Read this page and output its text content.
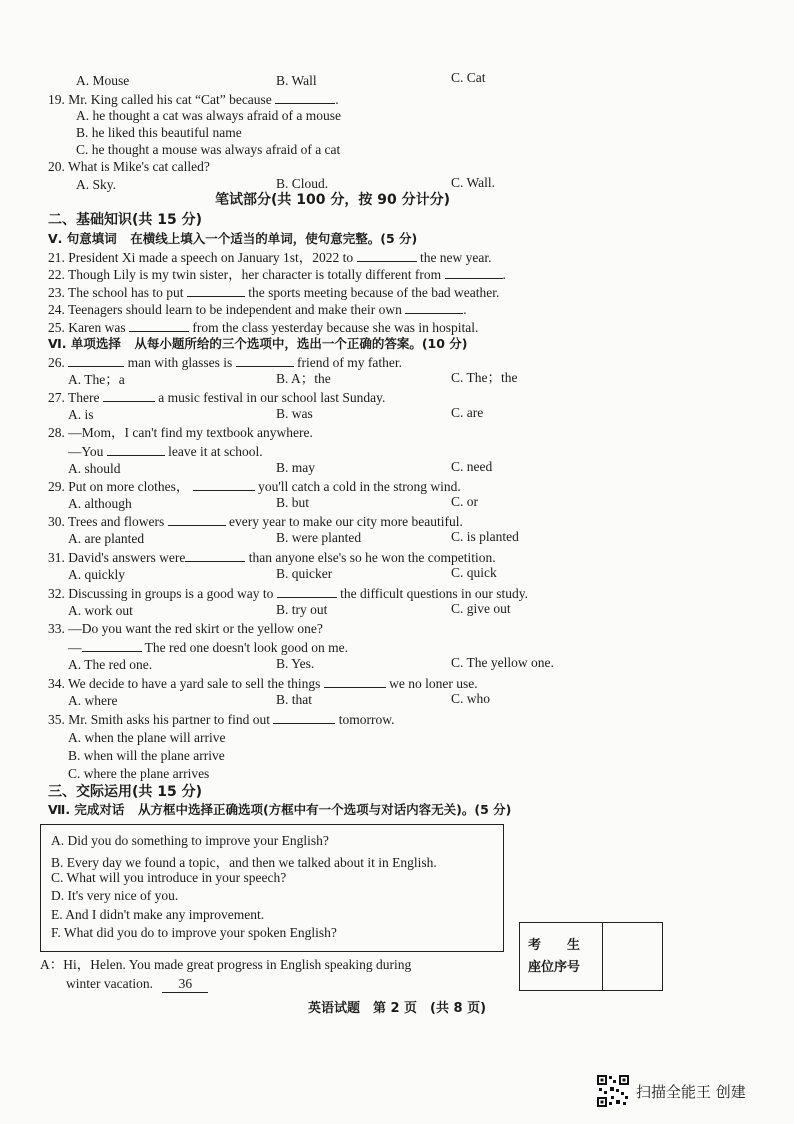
A. Mouse	B. Wall	C. Cat
19. Mr. King called his cat “Cat” because	.
A. he thought a cat was always afraid of a mouse
B. he liked this beautiful name
C. he thought a mouse was always afraid of a cat
20. What is Mike's cat called?
A. Sky.	B. Cloud.	C. Wall.
笔试部分(共 100 分，按 90 分计分)
二、基础知识(共 15 分)
Ⅴ. 句意填词　 在横线上填入一个适当的单词，使句意完整。(5 分)
21. President Xi made a speech on January 1st，2022 to	the new year.
22. Though Lily is my twin sister，her character is totally different from	.
23. The school has to put	the sports meeting because of the bad weather.
24. Teenagers should learn to be independent and make their own	.
25. Karen was	from the class yesterday because she was in hospital.
Ⅵ. 单项选择　 从每小题所给的三个选项中，选出一个正确的答案。(10 分)
26.	man with glasses is	friend of my father.
A. The；a	B. A；the	C. The；the
27. There	a music festival in our school last Sunday.
A. is	B. was	C. are
28. —Mom，I can't find my textbook anywhere.
—You	leave it at school.
A. should	B. may	C. need
29. Put on more clothes，	you'll catch a cold in the strong wind.
A. although	B. but	C. or
30. Trees and flowers	every year to make our city more beautiful.
A. are planted	B. were planted	C. is planted
31. David's answers were	than anyone else's so he won the competition.
A. quickly	B. quicker	C. quick
32. Discussing in groups is a good way to	the difficult questions in our study.
A. work out	B. try out	C. give out
33. —Do you want the red skirt or the yellow one?
—	The red one doesn't look good on me.
A. The red one.	B. Yes.	C. The yellow one.
34. We decide to have a yard sale to sell the things	we no loner use.
A. where	B. that	C. who
35. Mr. Smith asks his partner to find out	tomorrow.
A. when the plane will arrive
B. when will the plane arrive
C. where the plane arrives
三、交际运用(共 15 分)
Ⅶ. 完成对话　 从方框中选择正确选项(方框中有一个选项与对话内容无关)。(5 分)
A. Did you do something to improve your English?
B. Every day we found a topic，and then we talked about it in English.
C. What will you introduce in your speech?
D. It's very nice of you.
E. And I didn't make any improvement.
F. What did you do to improve your spoken English?
考　　 生
座位序号
A：Hi，Helen. You made great progress in English speaking during
winter vacation. 36
英语试题　第 2 页　(共 8 页)
扫描全能王 创建
